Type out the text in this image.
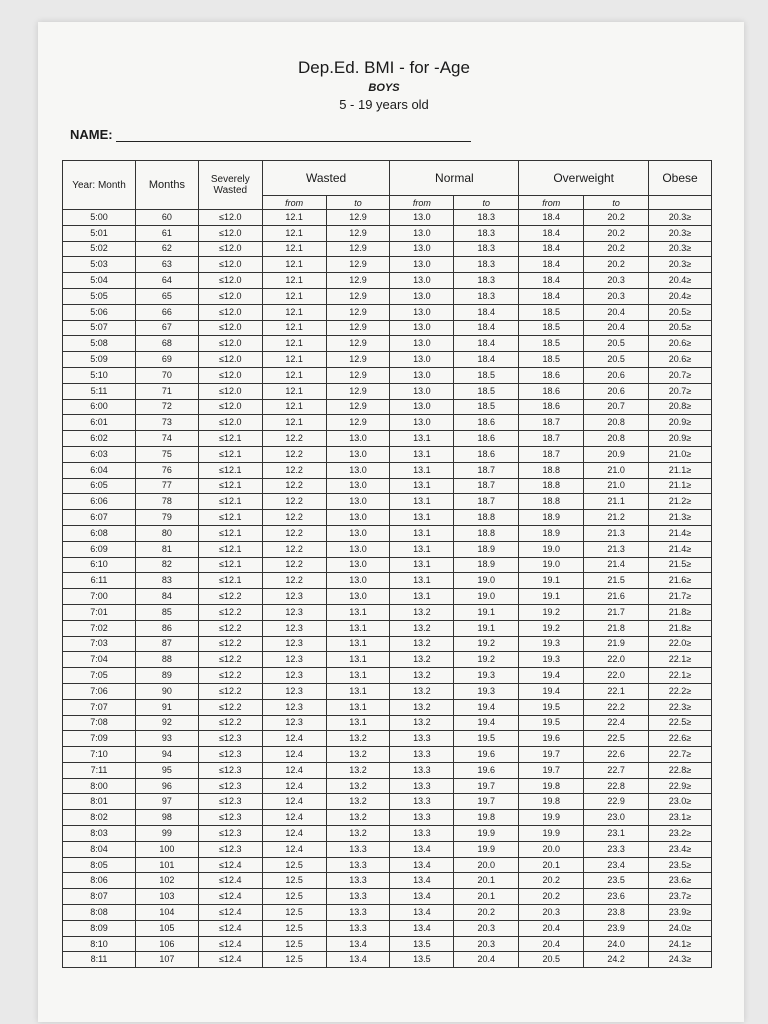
Dep.Ed. BMI - for -Age
BOYS
5 - 19 years old
NAME:
Year: Month	Months	Severely Wasted	Wasted		Normal		Overweight		Obese
			from	to	from	to	from	to	
5:00	60	≤12.0	12.1	12.9	13.0	18.3	18.4	20.2	20.3≥
5:01	61	≤12.0	12.1	12.9	13.0	18.3	18.4	20.2	20.3≥
5:02	62	≤12.0	12.1	12.9	13.0	18.3	18.4	20.2	20.3≥
5:03	63	≤12.0	12.1	12.9	13.0	18.3	18.4	20.2	20.3≥
5:04	64	≤12.0	12.1	12.9	13.0	18.3	18.4	20.3	20.4≥
5:05	65	≤12.0	12.1	12.9	13.0	18.3	18.4	20.3	20.4≥
5:06	66	≤12.0	12.1	12.9	13.0	18.4	18.5	20.4	20.5≥
5:07	67	≤12.0	12.1	12.9	13.0	18.4	18.5	20.4	20.5≥
5:08	68	≤12.0	12.1	12.9	13.0	18.4	18.5	20.5	20.6≥
5:09	69	≤12.0	12.1	12.9	13.0	18.4	18.5	20.5	20.6≥
5:10	70	≤12.0	12.1	12.9	13.0	18.5	18.6	20.6	20.7≥
5:11	71	≤12.0	12.1	12.9	13.0	18.5	18.6	20.6	20.7≥
6:00	72	≤12.0	12.1	12.9	13.0	18.5	18.6	20.7	20.8≥
6:01	73	≤12.0	12.1	12.9	13.0	18.6	18.7	20.8	20.9≥
6:02	74	≤12.1	12.2	13.0	13.1	18.6	18.7	20.8	20.9≥
6:03	75	≤12.1	12.2	13.0	13.1	18.6	18.7	20.9	21.0≥
6:04	76	≤12.1	12.2	13.0	13.1	18.7	18.8	21.0	21.1≥
6:05	77	≤12.1	12.2	13.0	13.1	18.7	18.8	21.0	21.1≥
6:06	78	≤12.1	12.2	13.0	13.1	18.7	18.8	21.1	21.2≥
6:07	79	≤12.1	12.2	13.0	13.1	18.8	18.9	21.2	21.3≥
6:08	80	≤12.1	12.2	13.0	13.1	18.8	18.9	21.3	21.4≥
6:09	81	≤12.1	12.2	13.0	13.1	18.9	19.0	21.3	21.4≥
6:10	82	≤12.1	12.2	13.0	13.1	18.9	19.0	21.4	21.5≥
6:11	83	≤12.1	12.2	13.0	13.1	19.0	19.1	21.5	21.6≥
7:00	84	≤12.2	12.3	13.0	13.1	19.0	19.1	21.6	21.7≥
7:01	85	≤12.2	12.3	13.1	13.2	19.1	19.2	21.7	21.8≥
7:02	86	≤12.2	12.3	13.1	13.2	19.1	19.2	21.8	21.8≥
7:03	87	≤12.2	12.3	13.1	13.2	19.2	19.3	21.9	22.0≥
7:04	88	≤12.2	12.3	13.1	13.2	19.2	19.3	22.0	22.1≥
7:05	89	≤12.2	12.3	13.1	13.2	19.3	19.4	22.0	22.1≥
7:06	90	≤12.2	12.3	13.1	13.2	19.3	19.4	22.1	22.2≥
7:07	91	≤12.2	12.3	13.1	13.2	19.4	19.5	22.2	22.3≥
7:08	92	≤12.2	12.3	13.1	13.2	19.4	19.5	22.4	22.5≥
7:09	93	≤12.3	12.4	13.2	13.3	19.5	19.6	22.5	22.6≥
7:10	94	≤12.3	12.4	13.2	13.3	19.6	19.7	22.6	22.7≥
7:11	95	≤12.3	12.4	13.2	13.3	19.6	19.7	22.7	22.8≥
8:00	96	≤12.3	12.4	13.2	13.3	19.7	19.8	22.8	22.9≥
8:01	97	≤12.3	12.4	13.2	13.3	19.7	19.8	22.9	23.0≥
8:02	98	≤12.3	12.4	13.2	13.3	19.8	19.9	23.0	23.1≥
8:03	99	≤12.3	12.4	13.2	13.3	19.9	19.9	23.1	23.2≥
8:04	100	≤12.3	12.4	13.3	13.4	19.9	20.0	23.3	23.4≥
8:05	101	≤12.4	12.5	13.3	13.4	20.0	20.1	23.4	23.5≥
8:06	102	≤12.4	12.5	13.3	13.4	20.1	20.2	23.5	23.6≥
8:07	103	≤12.4	12.5	13.3	13.4	20.1	20.2	23.6	23.7≥
8:08	104	≤12.4	12.5	13.3	13.4	20.2	20.3	23.8	23.9≥
8:09	105	≤12.4	12.5	13.3	13.4	20.3	20.4	23.9	24.0≥
8:10	106	≤12.4	12.5	13.4	13.5	20.3	20.4	24.0	24.1≥
8:11	107	≤12.4	12.5	13.4	13.5	20.4	20.5	24.2	24.3≥
